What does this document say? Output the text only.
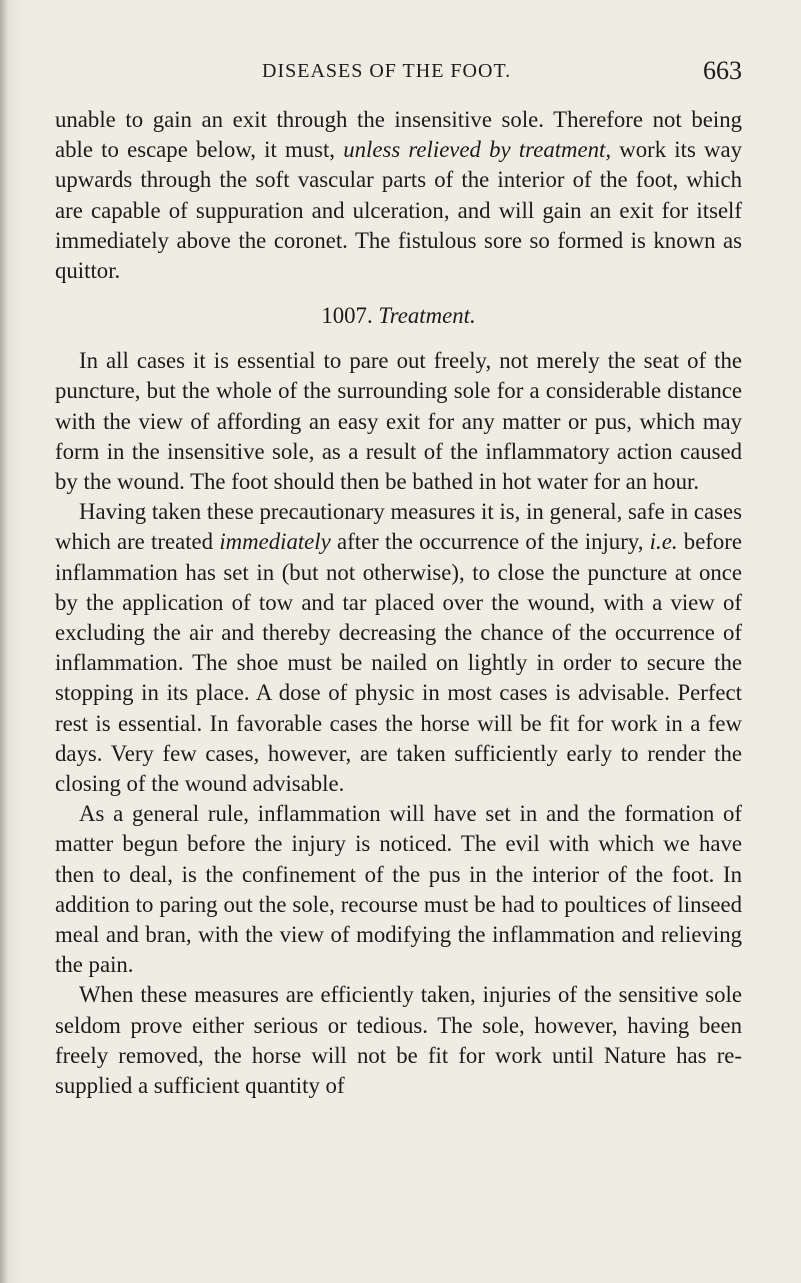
DISEASES OF THE FOOT.	663

unable to gain an exit through the insensitive sole. Therefore not being able to escape below, it must, unless relieved by treatment, work its way upwards through the soft vascular parts of the interior of the foot, which are capable of suppuration and ulceration, and will gain an exit for itself immediately above the coronet. The fistulous sore so formed is known as quittor.

1007. Treatment.

In all cases it is essential to pare out freely, not merely the seat of the puncture, but the whole of the surrounding sole for a considerable distance with the view of affording an easy exit for any matter or pus, which may form in the insensitive sole, as a result of the inflammatory action caused by the wound. The foot should then be bathed in hot water for an hour.

Having taken these precautionary measures it is, in general, safe in cases which are treated immediately after the occurrence of the injury, i.e. before inflammation has set in (but not otherwise), to close the puncture at once by the application of tow and tar placed over the wound, with a view of excluding the air and thereby decreasing the chance of the occurrence of inflammation. The shoe must be nailed on lightly in order to secure the stopping in its place. A dose of physic in most cases is advisable. Perfect rest is essential. In favorable cases the horse will be fit for work in a few days. Very few cases, however, are taken sufficiently early to render the closing of the wound advisable.

As a general rule, inflammation will have set in and the formation of matter begun before the injury is noticed. The evil with which we have then to deal, is the confinement of the pus in the interior of the foot. In addition to paring out the sole, recourse must be had to poultices of linseed meal and bran, with the view of modifying the inflammation and relieving the pain.

When these measures are efficiently taken, injuries of the sensitive sole seldom prove either serious or tedious. The sole, however, having been freely removed, the horse will not be fit for work until Nature has re-supplied a sufficient quantity of
